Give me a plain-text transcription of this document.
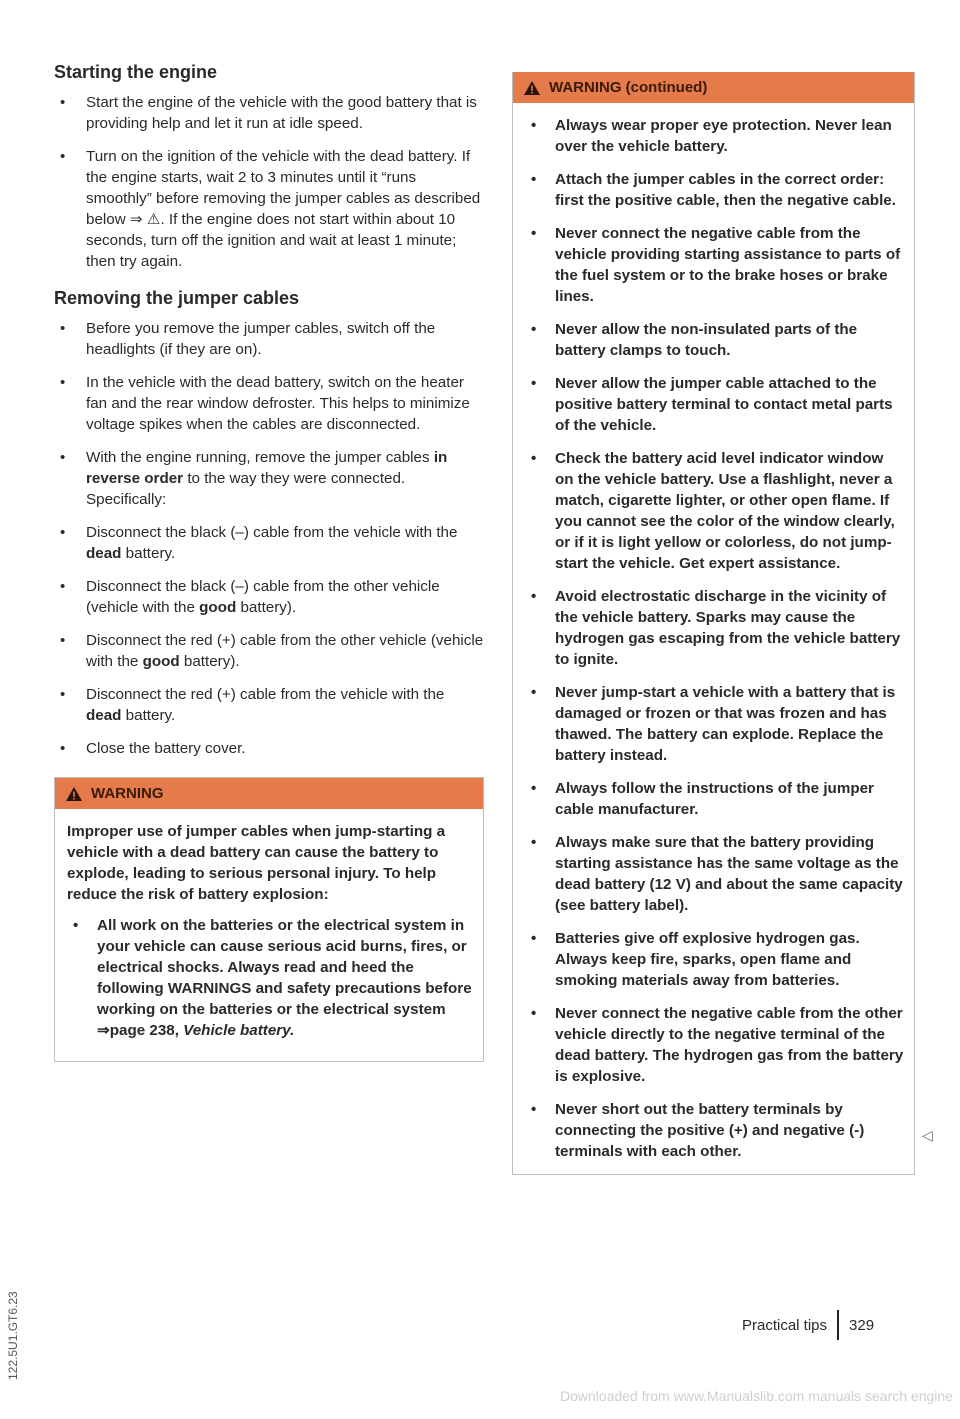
Starting the engine
• Start the engine of the vehicle with the good battery that is providing help and let it run at idle speed.
• Turn on the ignition of the vehicle with the dead battery. If the engine starts, wait 2 to 3 minutes until it “runs smoothly” before removing the jumper cables as described below ⇒ ⚠. If the engine does not start within about 10 seconds, turn off the ignition and wait at least 1 minute; then try again.
Removing the jumper cables
• Before you remove the jumper cables, switch off the headlights (if they are on).
• In the vehicle with the dead battery, switch on the heater fan and the rear window defroster. This helps to minimize voltage spikes when the cables are disconnected.
• With the engine running, remove the jumper cables in reverse order to the way they were connected. Specifically:
• Disconnect the black (–) cable from the vehicle with the dead battery.
• Disconnect the black (–) cable from the other vehicle (vehicle with the good battery).
• Disconnect the red (+) cable from the other vehicle (vehicle with the good battery).
• Disconnect the red (+) cable from the vehicle with the dead battery.
• Close the battery cover.
WARNING
Improper use of jumper cables when jump-starting a vehicle with a dead battery can cause the battery to explode, leading to serious personal injury. To help reduce the risk of battery explosion:
• All work on the batteries or the electrical system in your vehicle can cause serious acid burns, fires, or electrical shocks. Always read and heed the following WARNINGS and safety precautions before working on the batteries or the electrical system ⇒page 238, Vehicle battery.
WARNING (continued)
• Always wear proper eye protection. Never lean over the vehicle battery.
• Attach the jumper cables in the correct order: first the positive cable, then the negative cable.
• Never connect the negative cable from the vehicle providing starting assistance to parts of the fuel system or to the brake hoses or brake lines.
• Never allow the non-insulated parts of the battery clamps to touch.
• Never allow the jumper cable attached to the positive battery terminal to contact metal parts of the vehicle.
• Check the battery acid level indicator window on the vehicle battery. Use a flashlight, never a match, cigarette lighter, or other open flame. If you cannot see the color of the window clearly, or if it is light yellow or colorless, do not jump-start the vehicle. Get expert assistance.
• Avoid electrostatic discharge in the vicinity of the vehicle battery. Sparks may cause the hydrogen gas escaping from the vehicle battery to ignite.
• Never jump-start a vehicle with a battery that is damaged or frozen or that was frozen and has thawed. The battery can explode. Replace the battery instead.
• Always follow the instructions of the jumper cable manufacturer.
• Always make sure that the battery providing starting assistance has the same voltage as the dead battery (12 V) and about the same capacity (see battery label).
• Batteries give off explosive hydrogen gas. Always keep fire, sparks, open flame and smoking materials away from batteries.
• Never connect the negative cable from the other vehicle directly to the negative terminal of the dead battery. The hydrogen gas from the battery is explosive.
• Never short out the battery terminals by connecting the positive (+) and negative (-) terminals with each other.
◁
122.5U1.GT6.23	Practical tips 329
Downloaded from www.Manualslib.com manuals search engine
